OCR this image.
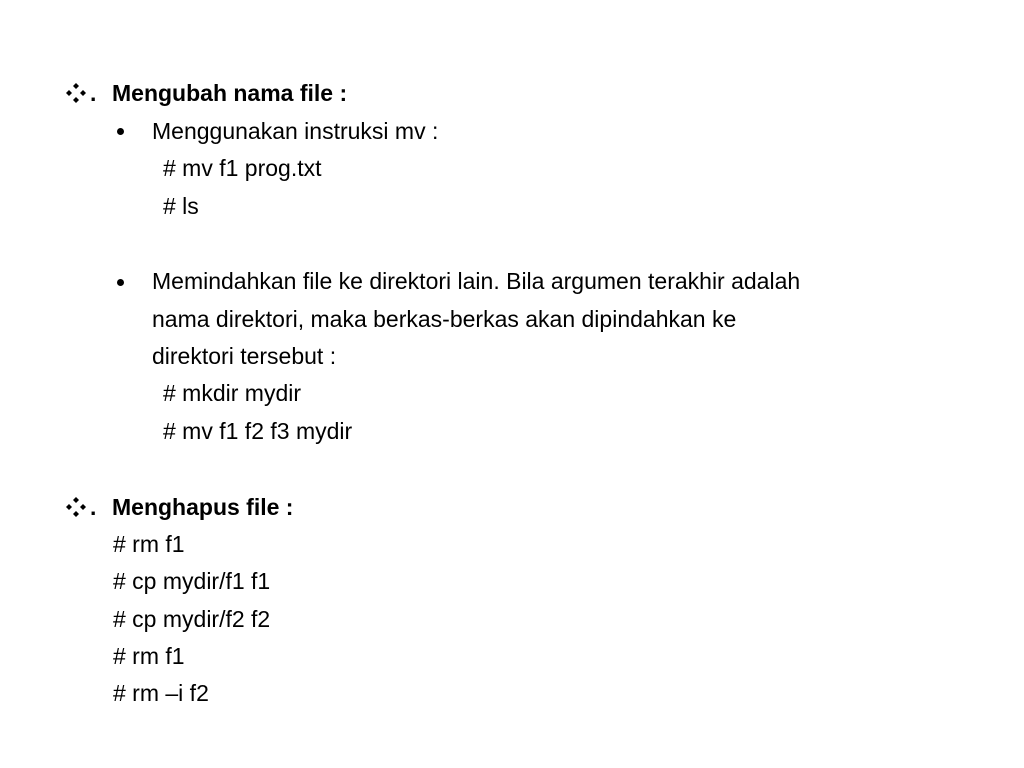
. Mengubah nama file :
Menggunakan instruksi mv :
# mv f1 prog.txt
# ls
Memindahkan file ke direktori lain. Bila argumen terakhir adalah
nama direktori, maka berkas-berkas akan dipindahkan ke
direktori tersebut :
# mkdir mydir
# mv f1 f2 f3 mydir
. Menghapus file :
# rm f1
# cp mydir/f1 f1
# cp mydir/f2 f2
# rm f1
# rm –i f2
